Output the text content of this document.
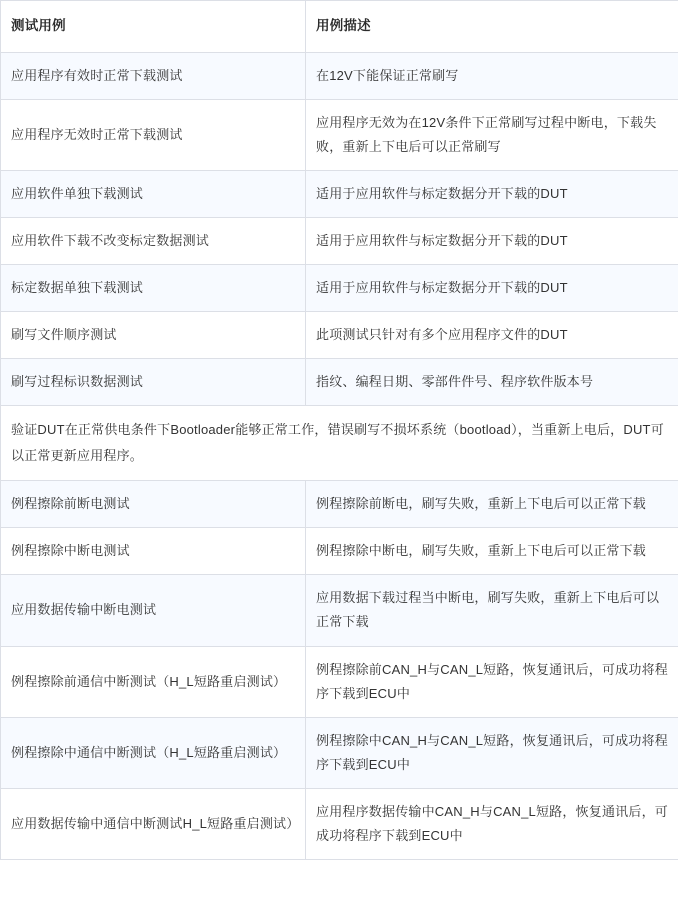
测试用例	用例描述
应用程序有效时正常下载测试	在12V下能保证正常刷写
应用程序无效时正常下载测试	应用程序无效为在12V条件下正常刷写过程中断电，下载失败，重新上下电后可以正常刷写
应用软件单独下载测试	适用于应用软件与标定数据分开下载的DUT
应用软件下载不改变标定数据测试	适用于应用软件与标定数据分开下载的DUT
标定数据单独下载测试	适用于应用软件与标定数据分开下载的DUT
刷写文件顺序测试	此项测试只针对有多个应用程序文件的DUT
刷写过程标识数据测试	指纹、编程日期、零部件件号、程序软件版本号
验证DUT在正常供电条件下Bootloader能够正常工作，错误刷写不损坏系统（bootload），当重新上电后，DUT可以正常更新应用程序。	
例程擦除前断电测试	例程擦除前断电，刷写失败，重新上下电后可以正常下载
例程擦除中断电测试	例程擦除中断电，刷写失败，重新上下电后可以正常下载
应用数据传输中断电测试	应用数据下载过程当中断电，刷写失败，重新上下电后可以正常下载
例程擦除前通信中断测试（H_L短路重启测试）	例程擦除前CAN_H与CAN_L短路，恢复通讯后，可成功将程序下载到ECU中
例程擦除中通信中断测试（H_L短路重启测试）	例程擦除中CAN_H与CAN_L短路，恢复通讯后，可成功将程序下载到ECU中
应用数据传输中通信中断测试H_L短路重启测试）	应用程序数据传输中CAN_H与CAN_L短路，恢复通讯后，可成功将程序下载到ECU中
